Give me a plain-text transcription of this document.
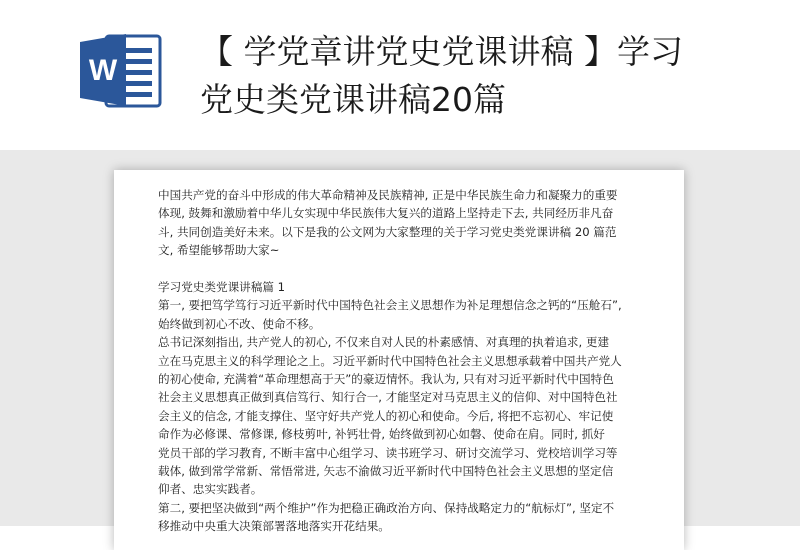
W	【 学党章讲党史党课讲稿 】学习
党史类党课讲稿20篇

中国共产党的奋斗中形成的伟大革命精神及民族精神, 正是中华民族生命力和凝聚力的重要

体现, 鼓舞和激励着中华儿女实现中华民族伟大复兴的道路上坚持走下去, 共同经历非凡奋

斗, 共同创造美好未来。以下是我的公文网为大家整理的关于学习党史类党课讲稿 20 篇范

文, 希望能够帮助大家~

学习党史类党课讲稿篇 1

第一, 要把笃学笃行习近平新时代中国特色社会主义思想作为补足理想信念之钙的“压舱石”,

始终做到初心不改、使命不移。

总书记深刻指出, 共产党人的初心, 不仅来自对人民的朴素感情、对真理的执着追求, 更建

立在马克思主义的科学理论之上。习近平新时代中国特色社会主义思想承载着中国共产党人

的初心使命, 充满着“革命理想高于天”的豪迈情怀。我认为, 只有对习近平新时代中国特色

社会主义思想真正做到真信笃行、知行合一, 才能坚定对马克思主义的信仰、对中国特色社

会主义的信念, 才能支撑住、坚守好共产党人的初心和使命。今后, 将把不忘初心、牢记使

命作为必修课、常修课, 修枝剪叶, 补钙壮骨, 始终做到初心如磐、使命在肩。同时, 抓好

党员干部的学习教育, 不断丰富中心组学习、读书班学习、研讨交流学习、党校培训学习等

载体, 做到常学常新、常悟常进, 矢志不渝做习近平新时代中国特色社会主义思想的坚定信

仰者、忠实实践者。

第二, 要把坚决做到“两个维护”作为把稳正确政治方向、保持战略定力的“航标灯”, 坚定不

移推动中央重大决策部署落地落实开花结果。
